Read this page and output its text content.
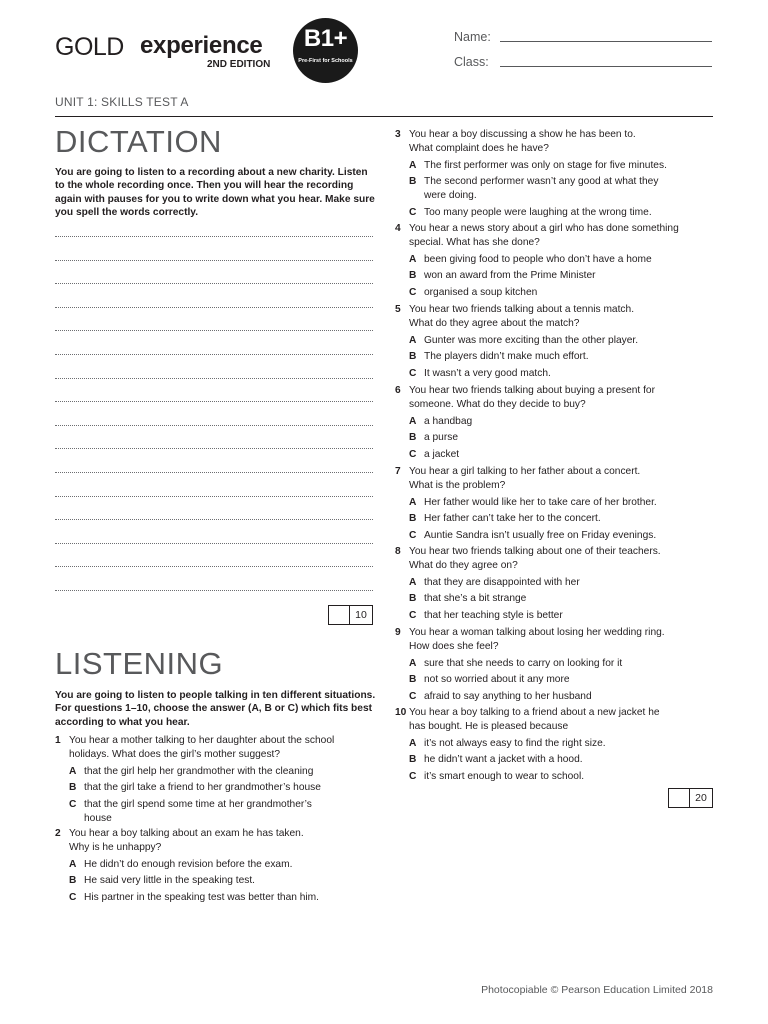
GOLD experience
2ND EDITION
B1+
Pre-First for Schools
Name:
Class:
UNIT 1: SKILLS TEST A
DICTATION
You are going to listen to a recording about a new charity. Listen to the whole recording once. Then you will hear the recording again with pauses for you to write down what you hear. Make sure you spell the words correctly.
10
LISTENING
You are going to listen to people talking in ten different situations. For questions 1–10, choose the answer (A, B or C) which fits best according to what you hear.
1 You hear a mother talking to her daughter about the school
holidays. What does the girl’s mother suggest?
A that the girl help her grandmother with the cleaning
B that the girl take a friend to her grandmother’s house
C that the girl spend some time at her grandmother’s
house
2 You hear a boy talking about an exam he has taken.
Why is he unhappy?
A He didn’t do enough revision before the exam.
B He said very little in the speaking test.
C His partner in the speaking test was better than him.
3 You hear a boy discussing a show he has been to.
What complaint does he have?
A The first performer was only on stage for five minutes.
B The second performer wasn’t any good at what they
were doing.
C Too many people were laughing at the wrong time.
4 You hear a news story about a girl who has done something
special. What has she done?
A been giving food to people who don’t have a home
B won an award from the Prime Minister
C organised a soup kitchen
5 You hear two friends talking about a tennis match.
What do they agree about the match?
A Gunter was more exciting than the other player.
B The players didn’t make much effort.
C It wasn’t a very good match.
6 You hear two friends talking about buying a present for
someone. What do they decide to buy?
A a handbag
B a purse
C a jacket
7 You hear a girl talking to her father about a concert.
What is the problem?
A Her father would like her to take care of her brother.
B Her father can’t take her to the concert.
C Auntie Sandra isn’t usually free on Friday evenings.
8 You hear two friends talking about one of their teachers.
What do they agree on?
A that they are disappointed with her
B that she’s a bit strange
C that her teaching style is better
9 You hear a woman talking about losing her wedding ring.
How does she feel?
A sure that she needs to carry on looking for it
B not so worried about it any more
C afraid to say anything to her husband
10 You hear a boy talking to a friend about a new jacket he
has bought. He is pleased because
A it’s not always easy to find the right size.
B he didn’t want a jacket with a hood.
C it’s smart enough to wear to school.
20
Photocopiable © Pearson Education Limited 2018
